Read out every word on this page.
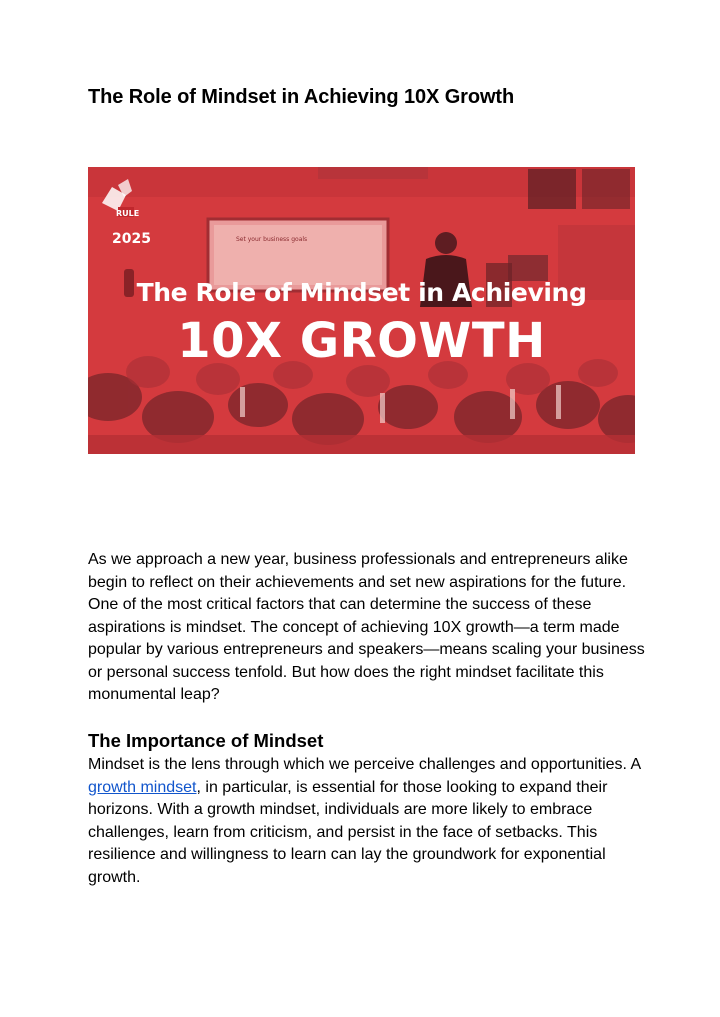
The Role of Mindset in Achieving 10X Growth
RULE
2025	Set your business goals
The Role of Mindset in Achieving
10X GROWTH

As we approach a new year, business professionals and entrepreneurs alike begin to reflect on their achievements and set new aspirations for the future. One of the most critical factors that can determine the success of these aspirations is mindset. The concept of achieving 10X growth—a term made popular by various entrepreneurs and speakers—means scaling your business or personal success tenfold. But how does the right mindset facilitate this monumental leap?

The Importance of Mindset

Mindset is the lens through which we perceive challenges and opportunities. A growth mindset, in particular, is essential for those looking to expand their horizons. With a growth mindset, individuals are more likely to embrace challenges, learn from criticism, and persist in the face of setbacks. This resilience and willingness to learn can lay the groundwork for exponential growth.
